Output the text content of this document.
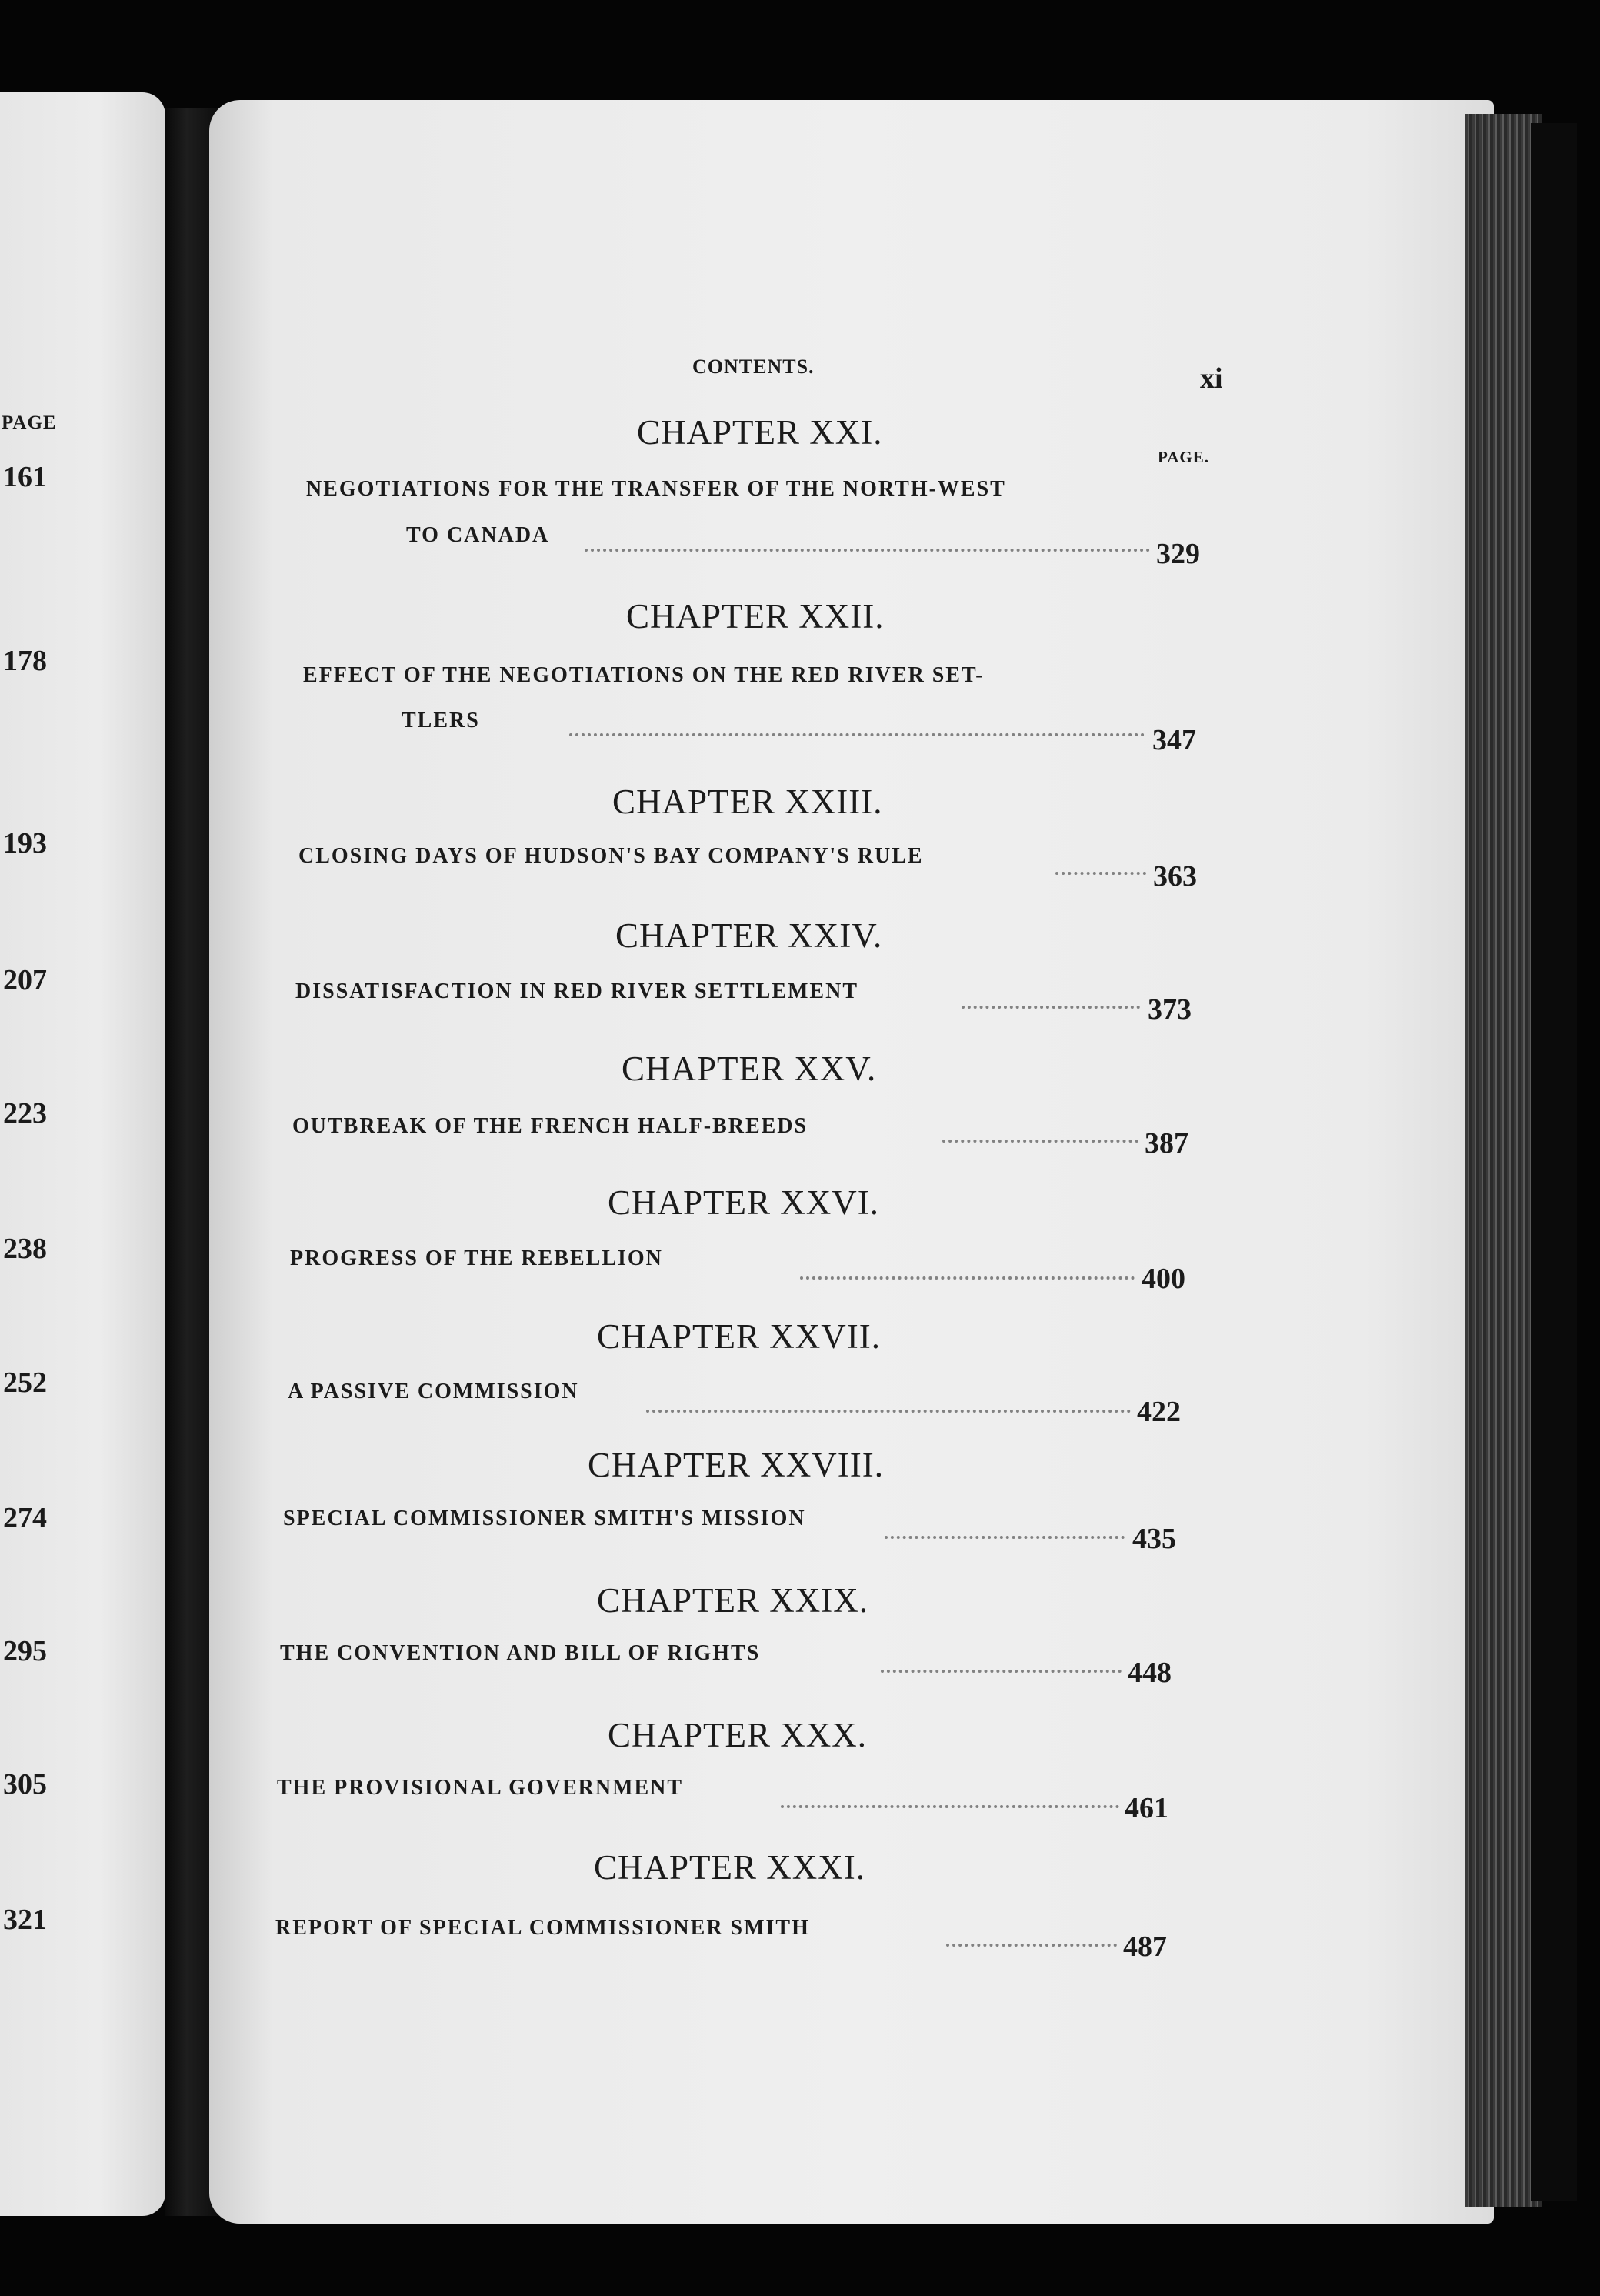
PAGE
161
178
193
207
223
238
252
274
295
305
321
CONTENTS.	xi
PAGE.
CHAPTER XXI.
NEGOTIATIONS FOR THE TRANSFER OF THE NORTH-WEST
TO CANADA
329
CHAPTER XXII.
EFFECT OF THE NEGOTIATIONS ON THE RED RIVER SET-
TLERS
347
CHAPTER XXIII.
CLOSING DAYS OF HUDSON'S BAY COMPANY'S RULE
363
CHAPTER XXIV.
DISSATISFACTION IN RED RIVER SETTLEMENT
373
CHAPTER XXV.
OUTBREAK OF THE FRENCH HALF-BREEDS
387
CHAPTER XXVI.
PROGRESS OF THE REBELLION
400
CHAPTER XXVII.
A PASSIVE COMMISSION
422
CHAPTER XXVIII.
SPECIAL COMMISSIONER SMITH'S MISSION
435
CHAPTER XXIX.
THE CONVENTION AND BILL OF RIGHTS
448
CHAPTER XXX.
THE PROVISIONAL GOVERNMENT
461
CHAPTER XXXI.
REPORT OF SPECIAL COMMISSIONER SMITH
487
